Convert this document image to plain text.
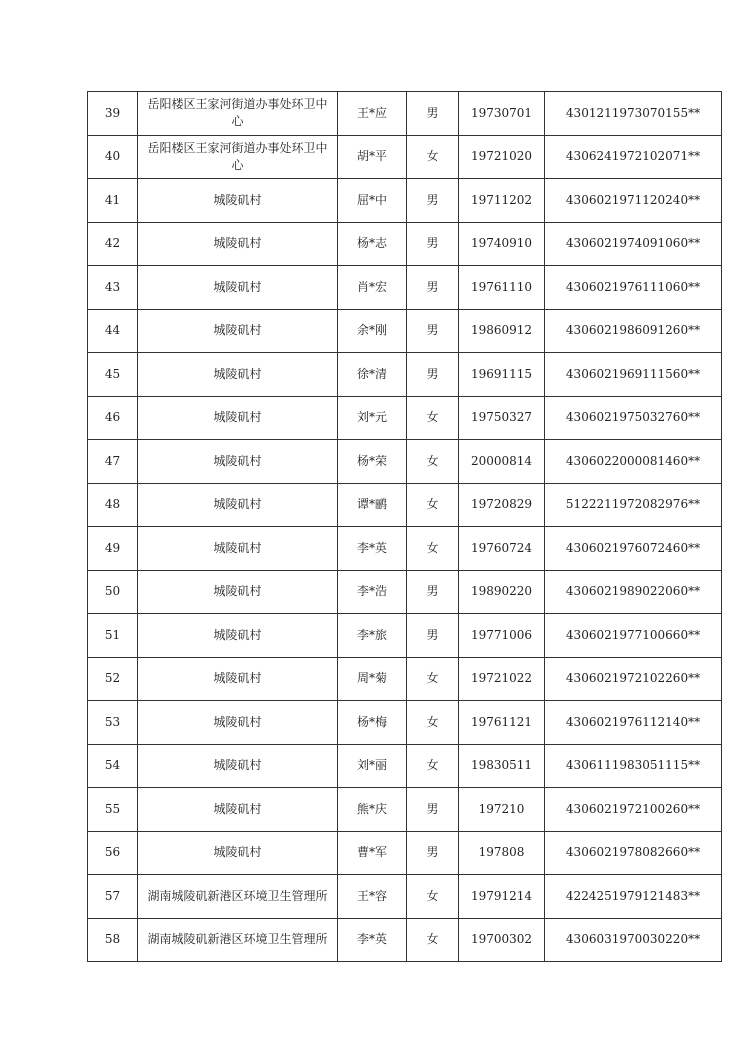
39	岳阳楼区王家河街道办事处环卫中心	王*应	男	19730701	4301211973070155**
40	岳阳楼区王家河街道办事处环卫中心	胡*平	女	19721020	4306241972102071**
41	城陵矶村	屈*中	男	19711202	4306021971120240**
42	城陵矶村	杨*志	男	19740910	4306021974091060**
43	城陵矶村	肖*宏	男	19761110	4306021976111060**
44	城陵矶村	余*刚	男	19860912	4306021986091260**
45	城陵矶村	徐*清	男	19691115	4306021969111560**
46	城陵矶村	刘*元	女	19750327	4306021975032760**
47	城陵矶村	杨*荣	女	20000814	4306022000081460**
48	城陵矶村	谭*鹂	女	19720829	5122211972082976**
49	城陵矶村	李*英	女	19760724	4306021976072460**
50	城陵矶村	李*浩	男	19890220	4306021989022060**
51	城陵矶村	李*旅	男	19771006	4306021977100660**
52	城陵矶村	周*菊	女	19721022	4306021972102260**
53	城陵矶村	杨*梅	女	19761121	4306021976112140**
54	城陵矶村	刘*丽	女	19830511	4306111983051115**
55	城陵矶村	熊*庆	男	197210	4306021972100260**
56	城陵矶村	曹*军	男	197808	4306021978082660**
57	湖南城陵矶新港区环境卫生管理所	王*容	女	19791214	4224251979121483**
58	湖南城陵矶新港区环境卫生管理所	李*英	女	19700302	4306031970030220**
